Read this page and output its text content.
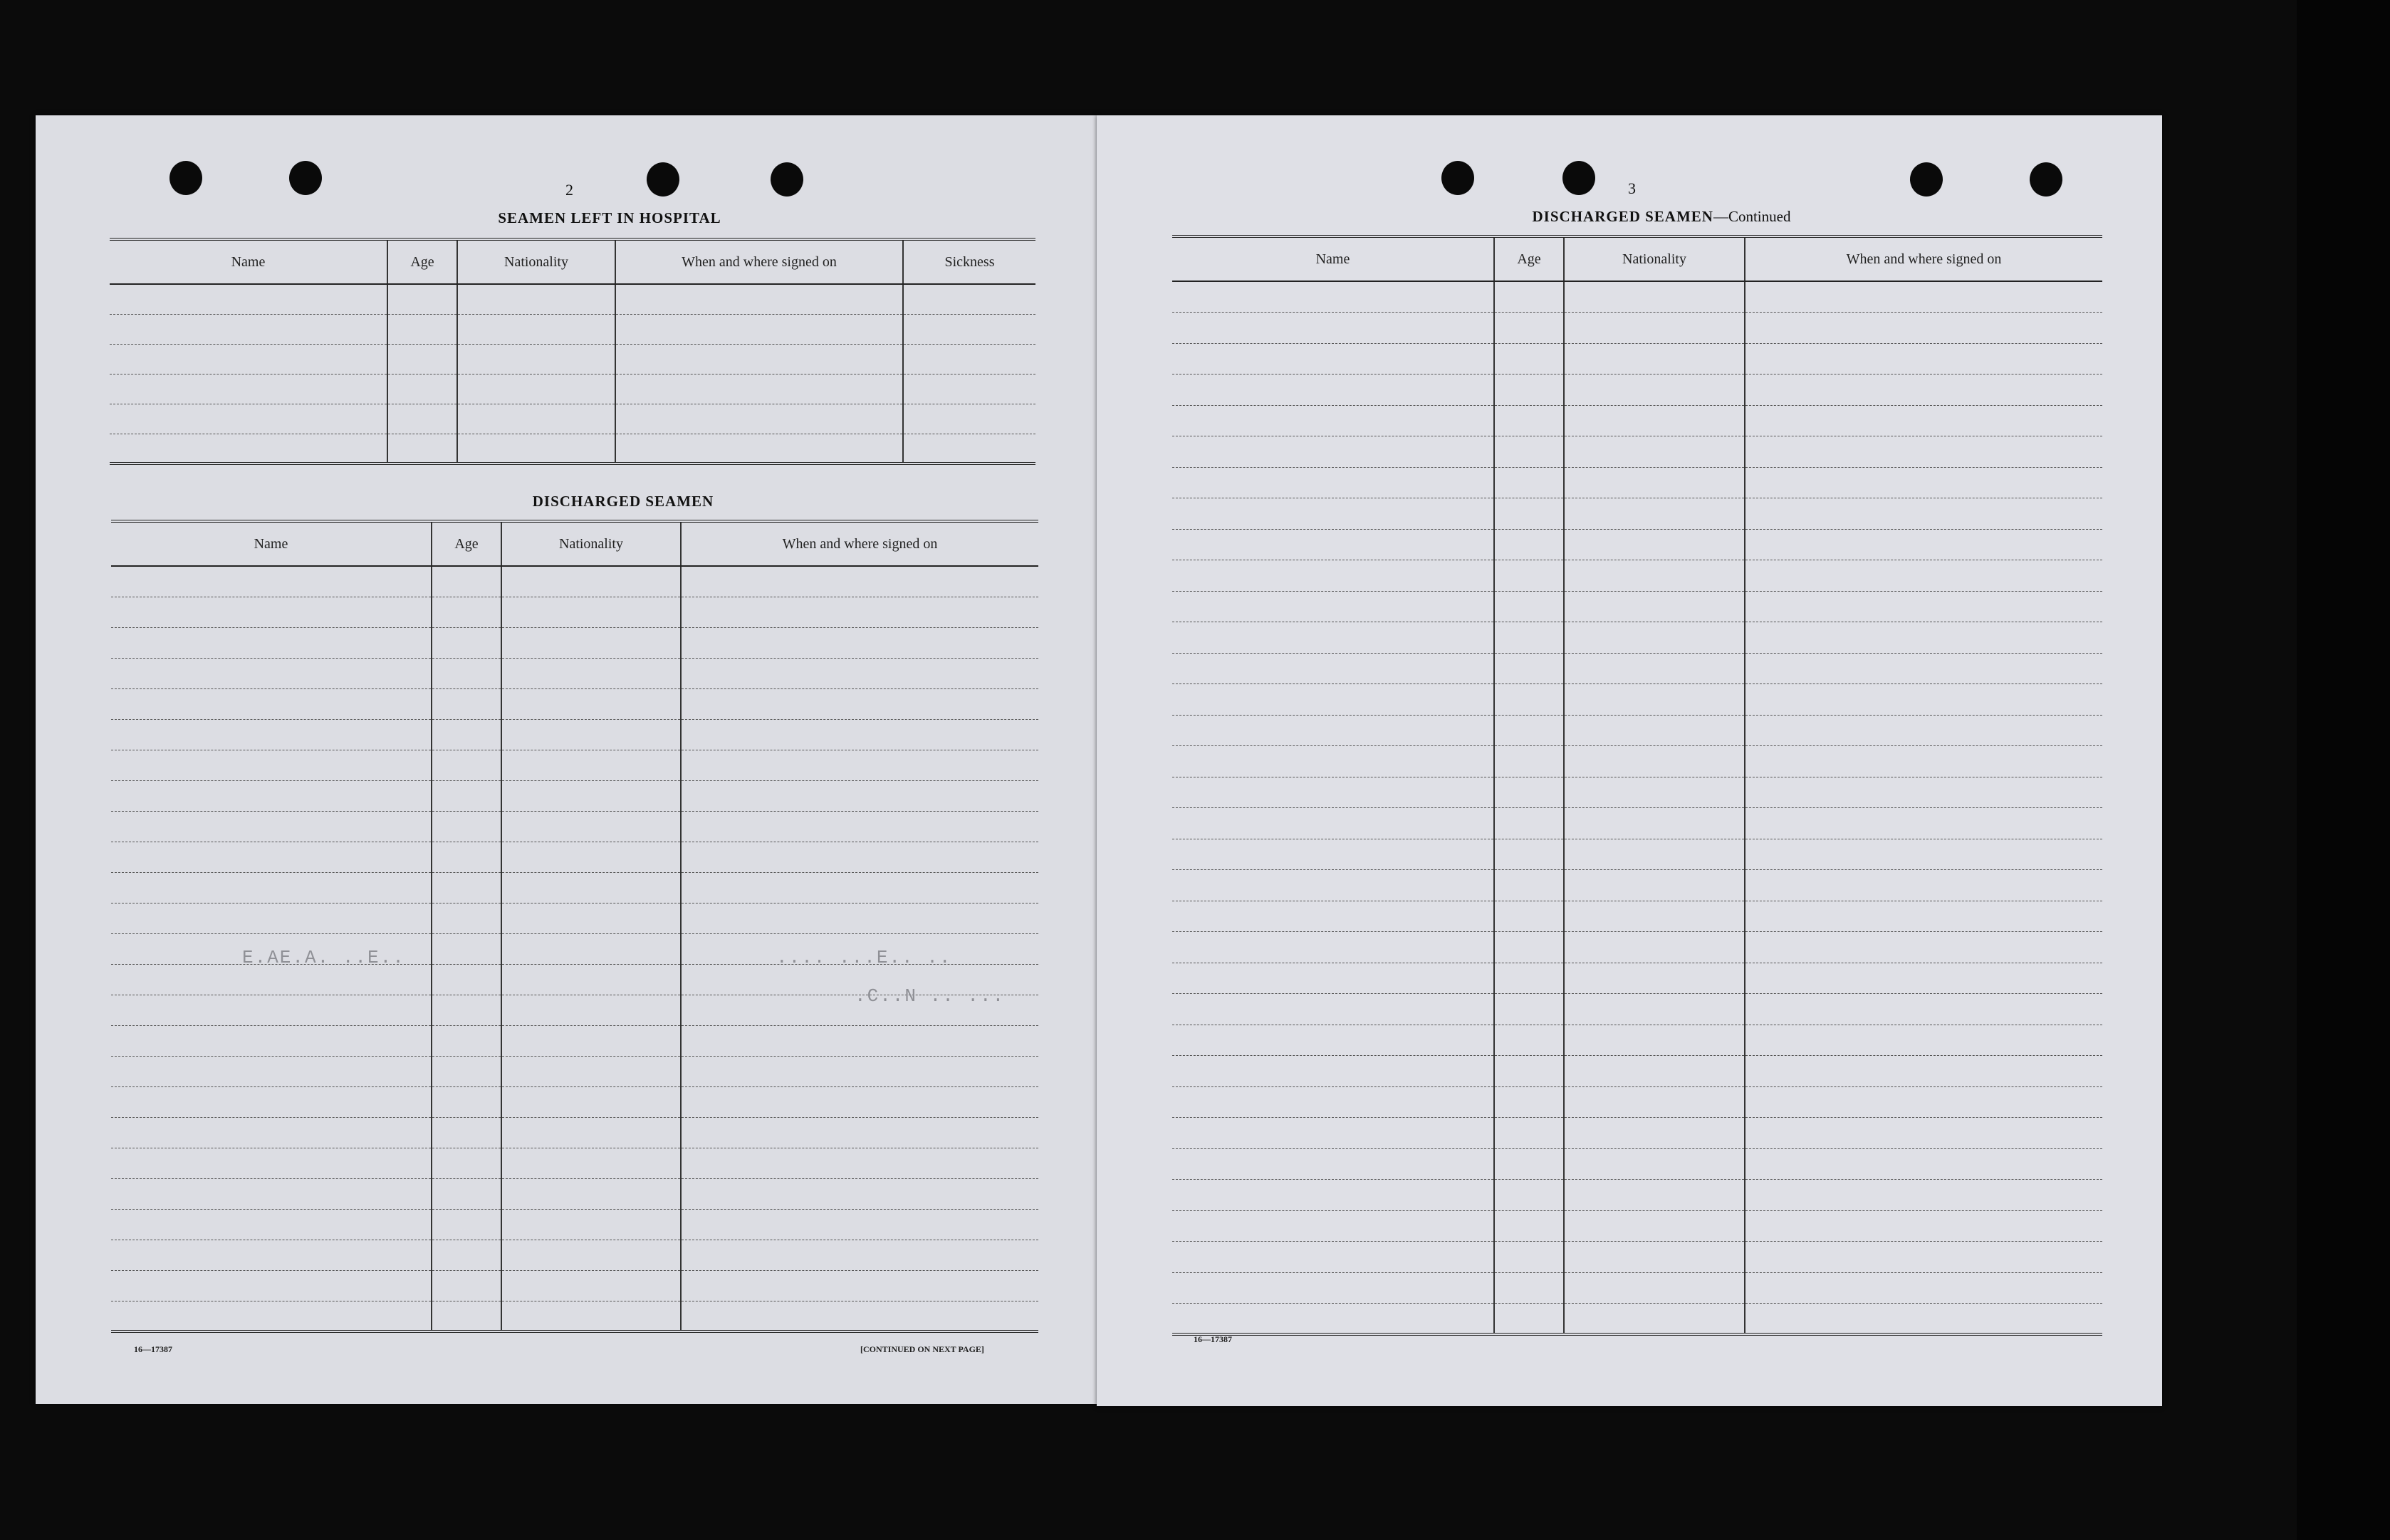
2
SEAMEN LEFT IN HOSPITAL
Name	Age	Nationality	When and where signed on	Sickness

DISCHARGED SEAMEN
Name	Age	Nationality	When and where signed on

E.AE.A. ..E..	.... ...E.. ..
.C..N .. ...
16—17387	[CONTINUED ON NEXT PAGE]
3
DISCHARGED SEAMEN—Continued
Name	Age	Nationality	When and where signed on

16—17387
